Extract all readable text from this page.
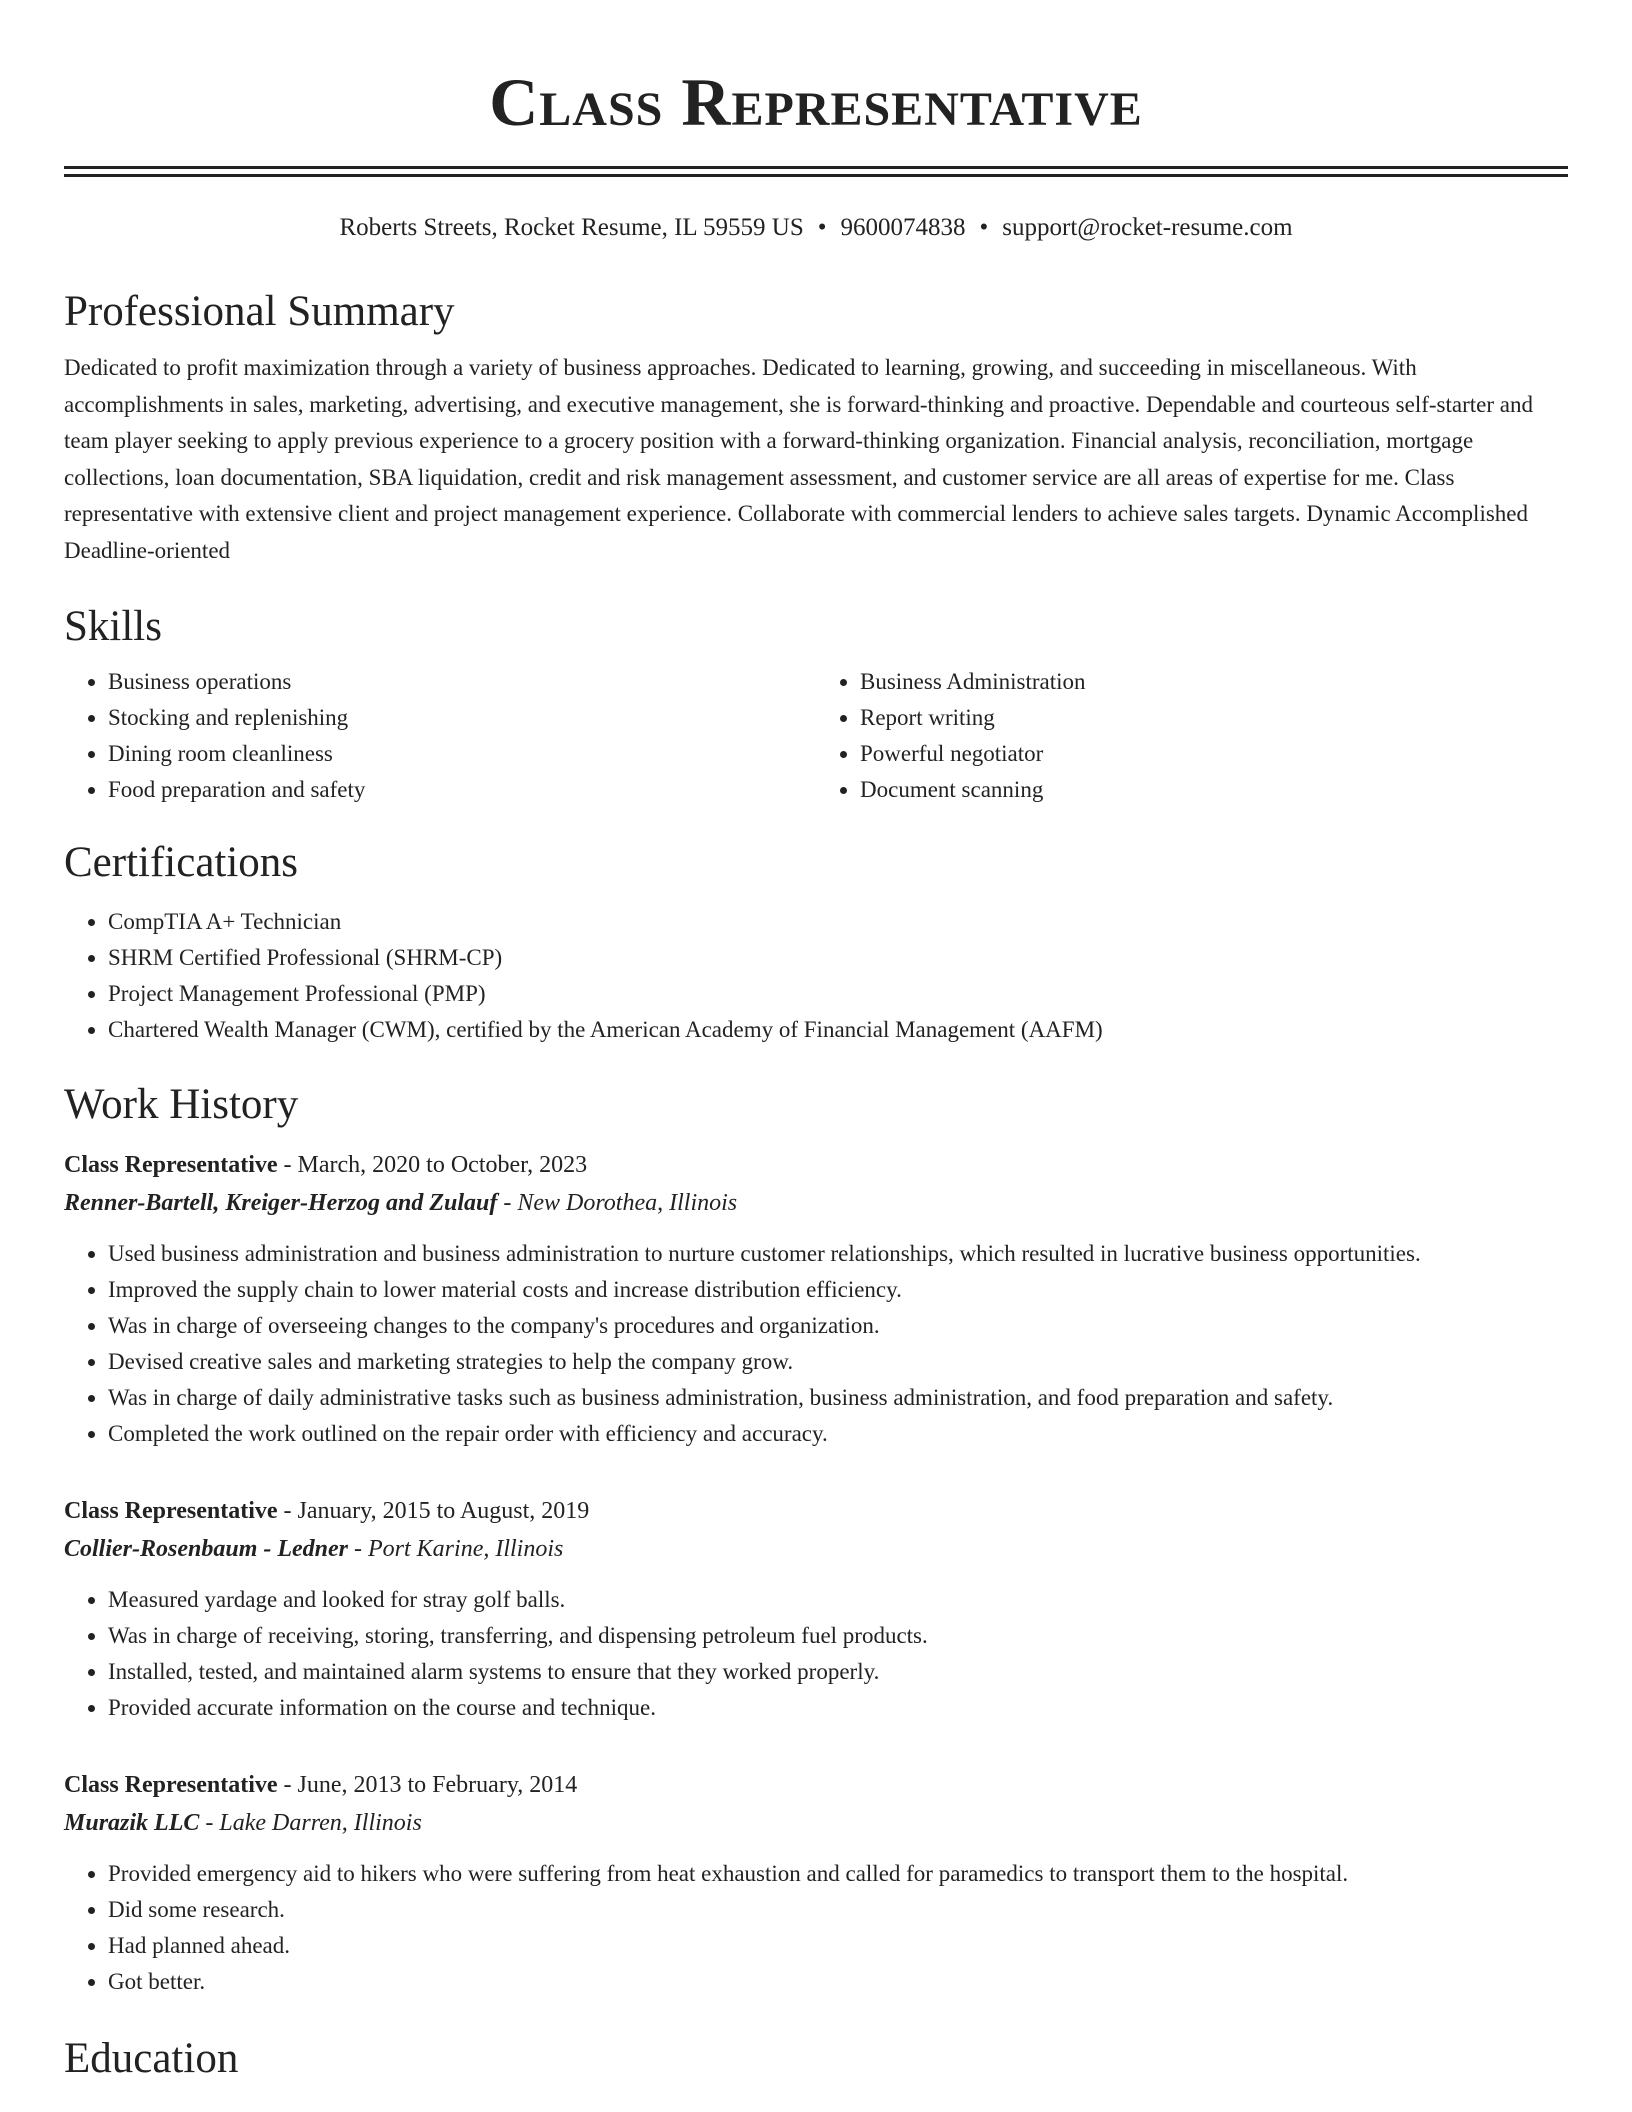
Class Representative
Roberts Streets, Rocket Resume, IL 59559 US • 9600074838 • support@rocket-resume.com
Professional Summary

Dedicated to profit maximization through a variety of business approaches. Dedicated to learning, growing, and succeeding in miscellaneous. With accomplishments in sales, marketing, advertising, and executive management, she is forward-thinking and proactive. Dependable and courteous self-starter and team player seeking to apply previous experience to a grocery position with a forward-thinking organization. Financial analysis, reconciliation, mortgage collections, loan documentation, SBA liquidation, credit and risk management assessment, and customer service are all areas of expertise for me. Class representative with extensive client and project management experience. Collaborate with commercial lenders to achieve sales targets. Dynamic Accomplished Deadline-oriented

Skills
• Business operations
• Stocking and replenishing
• Dining room cleanliness
• Food preparation and safety
• Business Administration
• Report writing
• Powerful negotiator
• Document scanning
Certifications
• CompTIA A+ Technician
• SHRM Certified Professional (SHRM-CP)
• Project Management Professional (PMP)
• Chartered Wealth Manager (CWM), certified by the American Academy of Financial Management (AAFM)
Work History
Class Representative - March, 2020 to October, 2023
Renner-Bartell, Kreiger-Herzog and Zulauf - New Dorothea, Illinois
• Used business administration and business administration to nurture customer relationships, which resulted in lucrative business opportunities.
• Improved the supply chain to lower material costs and increase distribution efficiency.
• Was in charge of overseeing changes to the company's procedures and organization.
• Devised creative sales and marketing strategies to help the company grow.
• Was in charge of daily administrative tasks such as business administration, business administration, and food preparation and safety.
• Completed the work outlined on the repair order with efficiency and accuracy.
Class Representative - January, 2015 to August, 2019
Collier-Rosenbaum - Ledner - Port Karine, Illinois
• Measured yardage and looked for stray golf balls.
• Was in charge of receiving, storing, transferring, and dispensing petroleum fuel products.
• Installed, tested, and maintained alarm systems to ensure that they worked properly.
• Provided accurate information on the course and technique.
Class Representative - June, 2013 to February, 2014
Murazik LLC - Lake Darren, Illinois
• Provided emergency aid to hikers who were suffering from heat exhaustion and called for paramedics to transport them to the hospital.
• Did some research.
• Had planned ahead.
• Got better.
Education
